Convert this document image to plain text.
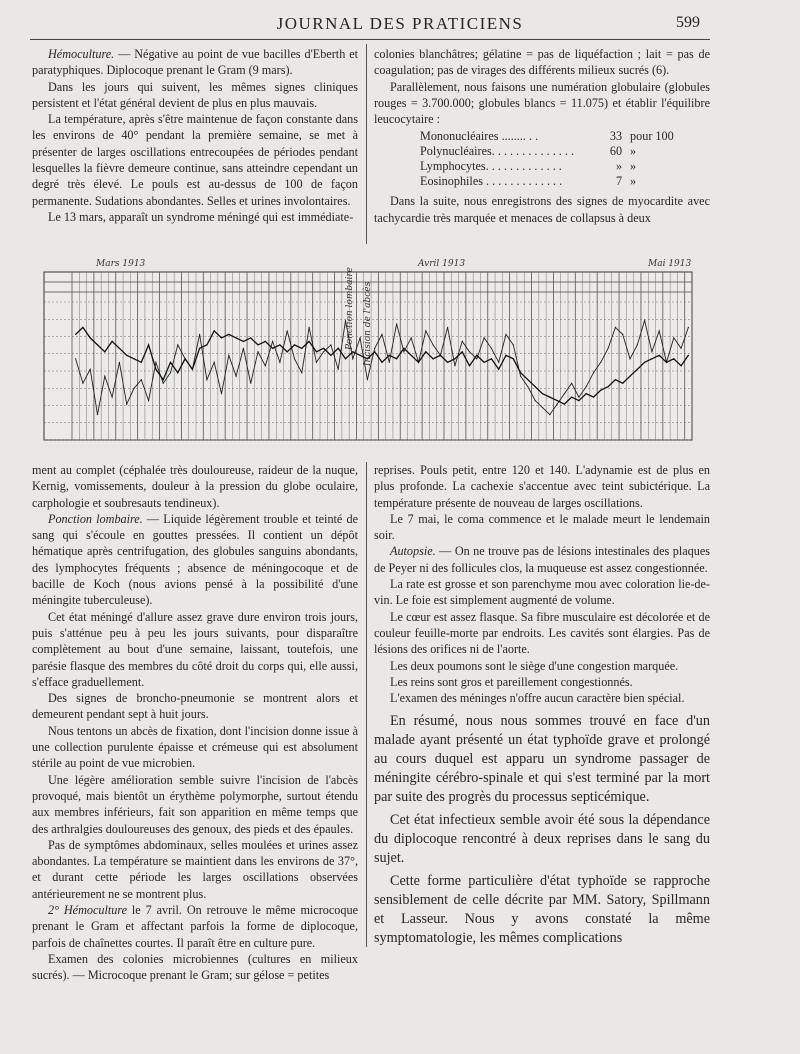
JOURNAL DES PRATICIENS	599

Hémoculture. — Négative au point de vue bacilles d'Eberth et paratyphiques. Diplocoque prenant le Gram (9 mars).

Dans les jours qui suivent, les mêmes signes cliniques persistent et l'état général devient de plus en plus mauvais.

La température, après s'être maintenue de façon constante dans les environs de 40° pendant la première semaine, se met à présenter de larges oscillations entrecoupées de périodes pendant lesquelles la fièvre demeure continue, sans atteindre cependant un degré très élevé. Le pouls est au-dessus de 100 de façon permanente. Sudations abondantes. Selles et urines involontaires.

Le 13 mars, apparaît un syndrome méningé qui est immédiate-

colonies blanchâtres; gélatine = pas de liquéfaction ; lait = pas de coagulation; pas de virages des différents milieux sucrés (6).

Parallèlement, nous faisons une numération globulaire (globules rouges = 3.700.000; globules blancs = 11.075) et établir l'équilibre leucocytaire :

Mononucléaires ........ . .	33	pour 100
Polynucléaires. . . . . . . . . . . . . .	60	»
Lymphocytes. . . . . . . . . . . . .	»	»
Eosinophiles . . . . . . . . . . . . .	7	»

Dans la suite, nous enregistrons des signes de myocardite avec tachycardie très marquée et menaces de collapsus à deux

Mars 1913	Avril 1913	Mai 1913
Ponction lombaire Incision de l'abcès

ment au complet (céphalée très douloureuse, raideur de la nuque, Kernig, vomissements, douleur à la pression du globe oculaire, carphologie et soubresauts tendineux).

Ponction lombaire. — Liquide légèrement trouble et teinté de sang qui s'écoule en gouttes pressées. Il contient un dépôt hématique après centrifugation, des globules sanguins abondants, des lymphocytes fréquents ; absence de méningocoque et de bacille de Koch (nous avions pensé à la possibilité d'une méningite tuberculeuse).

Cet état méningé d'allure assez grave dure environ trois jours, puis s'atténue peu à peu les jours suivants, pour disparaître complètement au bout d'une semaine, laissant, toutefois, une parésie flasque des membres du côté droit du corps qui, elle aussi, s'efface graduellement.

Des signes de broncho-pneumonie se montrent alors et demeurent pendant sept à huit jours.

Nous tentons un abcès de fixation, dont l'incision donne issue à une collection purulente épaisse et crémeuse qui est absolument stérile au point de vue microbien.

Une légère amélioration semble suivre l'incision de l'abcès provoqué, mais bientôt un érythème polymorphe, surtout étendu aux membres inférieurs, fait son apparition en même temps que des arthralgies douloureuses des genoux, des pieds et des épaules.

Pas de symptômes abdominaux, selles moulées et urines assez abondantes. La température se maintient dans les environs de 37°, et durant cette période les larges oscillations observées antérieurement ne se montrent plus.

2° Hémoculture le 7 avril. On retrouve le même microcoque prenant le Gram et affectant parfois la forme de diplocoque, parfois de chaînettes courtes. Il paraît être en culture pure.

Examen des colonies microbiennes (cultures en milieux sucrés). — Microcoque prenant le Gram; sur gélose = petites

reprises. Pouls petit, entre 120 et 140. L'adynamie est de plus en plus profonde. La cachexie s'accentue avec teint subictérique. La température présente de nouveau de larges oscillations.

Le 7 mai, le coma commence et le malade meurt le lendemain soir.

Autopsie. — On ne trouve pas de lésions intestinales des plaques de Peyer ni des follicules clos, la muqueuse est assez congestionnée.

La rate est grosse et son parenchyme mou avec coloration lie-de-vin. Le foie est simplement augmenté de volume.

Le cœur est assez flasque. Sa fibre musculaire est décolorée et de couleur feuille-morte par endroits. Les cavités sont élargies. Pas de lésions des orifices ni de l'aorte.

Les deux poumons sont le siège d'une congestion marquée.

Les reins sont gros et pareillement congestionnés.

L'examen des méninges n'offre aucun caractère bien spécial.

En résumé, nous nous sommes trouvé en face d'un malade ayant présenté un état typhoïde grave et prolongé au cours duquel est apparu un syndrome passager de méningite cérébro-spinale et qui s'est terminé par la mort par suite des progrès du processus septicémique.

Cet état infectieux semble avoir été sous la dépendance du diplocoque rencontré à deux reprises dans le sang du sujet.

Cette forme particulière d'état typhoïde se rapproche sensiblement de celle décrite par MM. Satory, Spillmann et Lasseur. Nous y avons constaté la même symptomatologie, les mêmes complications
